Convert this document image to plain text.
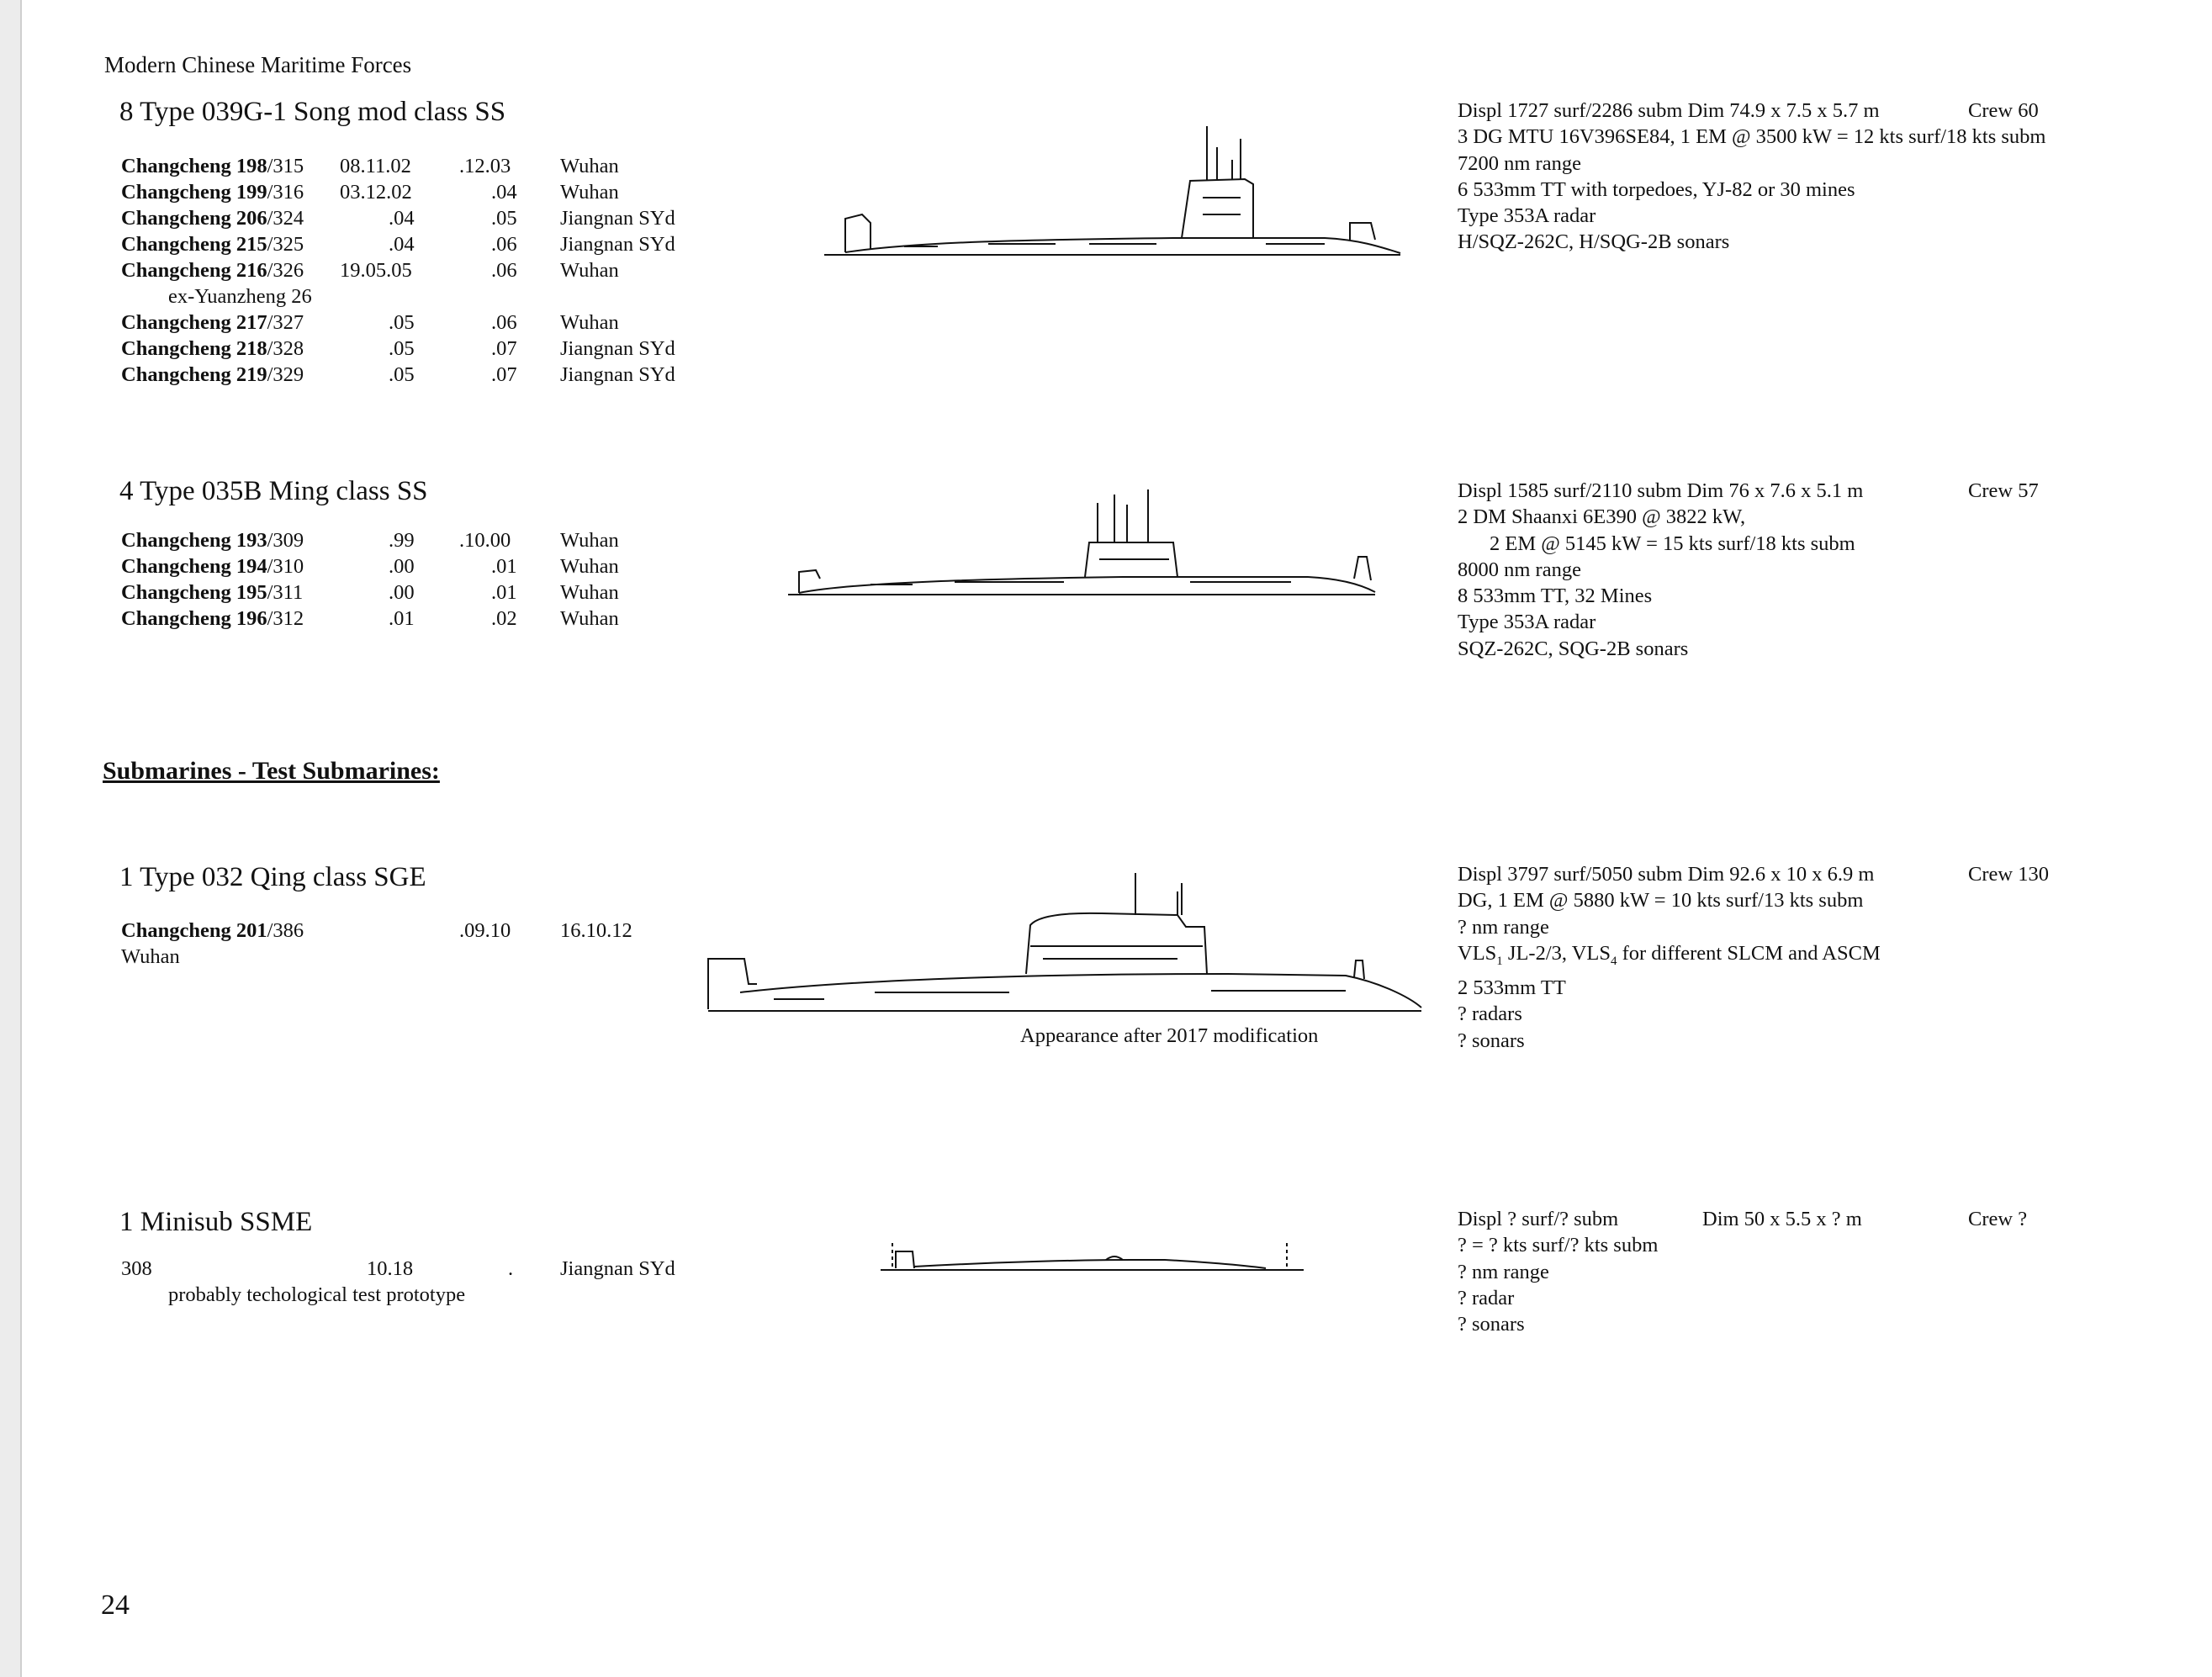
Modern Chinese Maritime Forces
8 Type 039G-1 Song mod class SS
Changcheng 198/315 08.11.02 .12.03 Wuhan
Changcheng 199/316 03.12.02	.04 Wuhan
Changcheng 206/324	.04	.05 Jiangnan SYd
Changcheng 215/325	.04	.06 Jiangnan SYd
Changcheng 216/326 19.05.05	.06 Wuhan
ex-Yuanzheng 26
Changcheng 217/327	.05	.06 Wuhan
Changcheng 218/328	.05	.07 Jiangnan SYd
Changcheng 219/329	.05	.07 Jiangnan SYd
Displ 1727 surf/2286 subm Dim 74.9 x 7.5 x 5.7 m
3 DG MTU 16V396SE84, 1 EM @ 3500 kW = 12 kts surf/18 kts subm
7200 nm range
6 533mm TT with torpedoes, YJ-82 or 30 mines
Type 353A radar
H/SQZ-262C, H/SQG-2B sonars
Crew 60
4 Type 035B Ming class SS
Changcheng 193/309	.99 .10.00 Wuhan
Changcheng 194/310	.00	.01 Wuhan
Changcheng 195/311	.00	.01 Wuhan
Changcheng 196/312	.01	.02 Wuhan
Displ 1585 surf/2110 subm Dim 76 x 7.6 x 5.1 m
2 DM Shaanxi 6E390 @ 3822 kW,
2 EM @ 5145 kW = 15 kts surf/18 kts subm
8000 nm range
8 533mm TT, 32 Mines
Type 353A radar
SQZ-262C, SQG-2B sonars
Crew 57
Submarines - Test Submarines:
1 Type 032 Qing class SGE
Changcheng 201/386	.09.10 16.10.12
Wuhan
Appearance after 2017 modification
Displ 3797 surf/5050 subm Dim 92.6 x 10 x 6.9 m
DG, 1 EM @ 5880 kW = 10 kts surf/13 kts subm
? nm range
$VLS_1$ JL-2/3, $VLS_4$ for different SLCM and ASCM
2 533mm TT
? radars
? sonars
Crew 130
1 Minisub SSME
308	10.18	. Jiangnan SYd
probably techological test prototype
Displ ? surf/? subm
? = ? kts surf/? kts subm
? nm range
? radar
? sonars
Dim 50 x 5.5 x ? m	Crew ?
24
